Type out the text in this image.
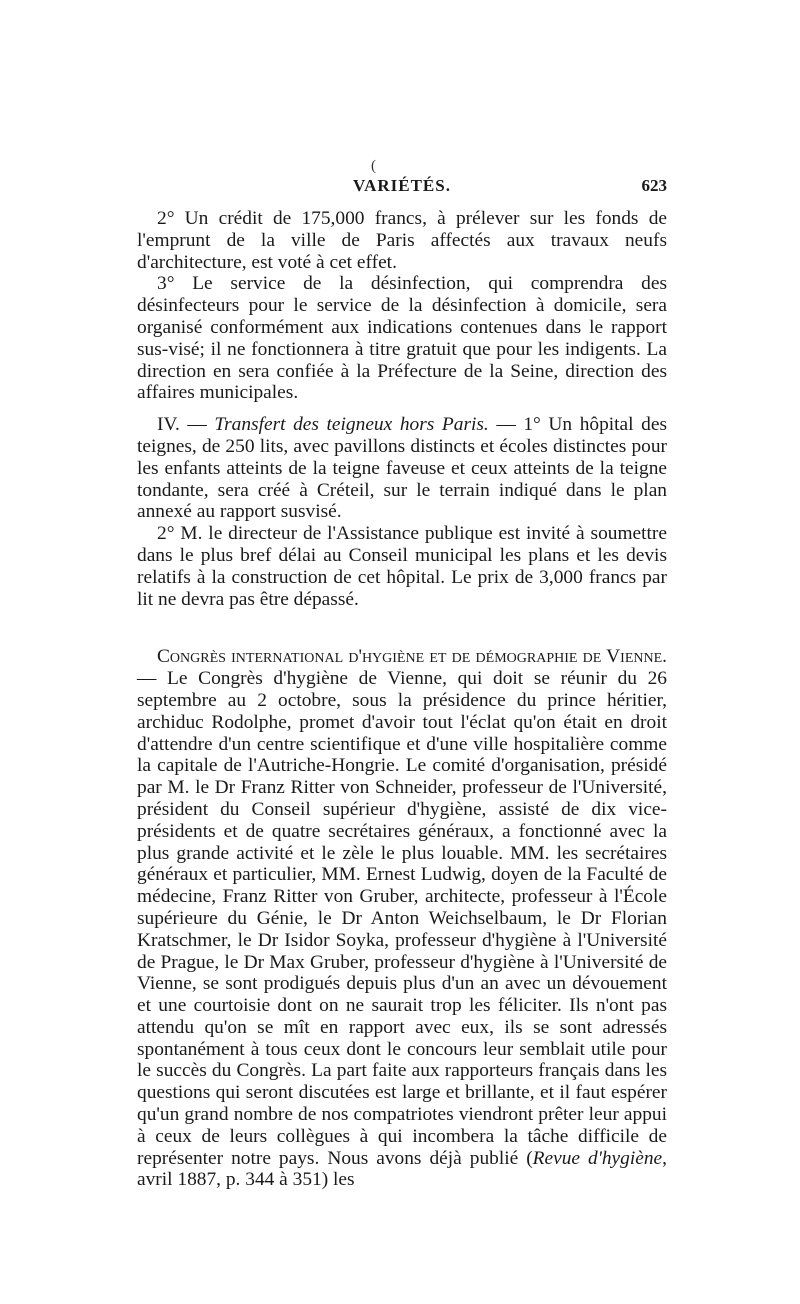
(
VARIÉTÉS.	623

2° Un crédit de 175,000 francs, à prélever sur les fonds de l'emprunt de la ville de Paris affectés aux travaux neufs d'architecture, est voté à cet effet.

3° Le service de la désinfection, qui comprendra des désinfecteurs pour le service de la désinfection à domicile, sera organisé conformément aux indications contenues dans le rapport sus-visé; il ne fonctionnera à titre gratuit que pour les indigents. La direction en sera confiée à la Préfecture de la Seine, direction des affaires municipales.

IV. — Transfert des teigneux hors Paris. — 1° Un hôpital des teignes, de 250 lits, avec pavillons distincts et écoles distinctes pour les enfants atteints de la teigne faveuse et ceux atteints de la teigne tondante, sera créé à Créteil, sur le terrain indiqué dans le plan annexé au rapport susvisé.

2° M. le directeur de l'Assistance publique est invité à soumettre dans le plus bref délai au Conseil municipal les plans et les devis relatifs à la construction de cet hôpital. Le prix de 3,000 francs par lit ne devra pas être dépassé.

Congrès international d'hygiène et de démographie de Vienne. — Le Congrès d'hygiène de Vienne, qui doit se réunir du 26 septembre au 2 octobre, sous la présidence du prince héritier, archiduc Rodolphe, promet d'avoir tout l'éclat qu'on était en droit d'attendre d'un centre scientifique et d'une ville hospitalière comme la capitale de l'Autriche-Hongrie. Le comité d'organisation, présidé par M. le Dr Franz Ritter von Schneider, professeur de l'Université, président du Conseil supérieur d'hygiène, assisté de dix vice-présidents et de quatre secrétaires généraux, a fonctionné avec la plus grande activité et le zèle le plus louable. MM. les secrétaires généraux et particulier, MM. Ernest Ludwig, doyen de la Faculté de médecine, Franz Ritter von Gruber, architecte, professeur à l'École supérieure du Génie, le Dr Anton Weichselbaum, le Dr Florian Kratschmer, le Dr Isidor Soyka, professeur d'hygiène à l'Université de Prague, le Dr Max Gruber, professeur d'hygiène à l'Université de Vienne, se sont prodigués depuis plus d'un an avec un dévouement et une courtoisie dont on ne saurait trop les féliciter. Ils n'ont pas attendu qu'on se mît en rapport avec eux, ils se sont adressés spontanément à tous ceux dont le concours leur semblait utile pour le succès du Congrès. La part faite aux rapporteurs français dans les questions qui seront discutées est large et brillante, et il faut espérer qu'un grand nombre de nos compatriotes viendront prêter leur appui à ceux de leurs collègues à qui incombera la tâche difficile de représenter notre pays. Nous avons déjà publié (Revue d'hygiène, avril 1887, p. 344 à 351) les
